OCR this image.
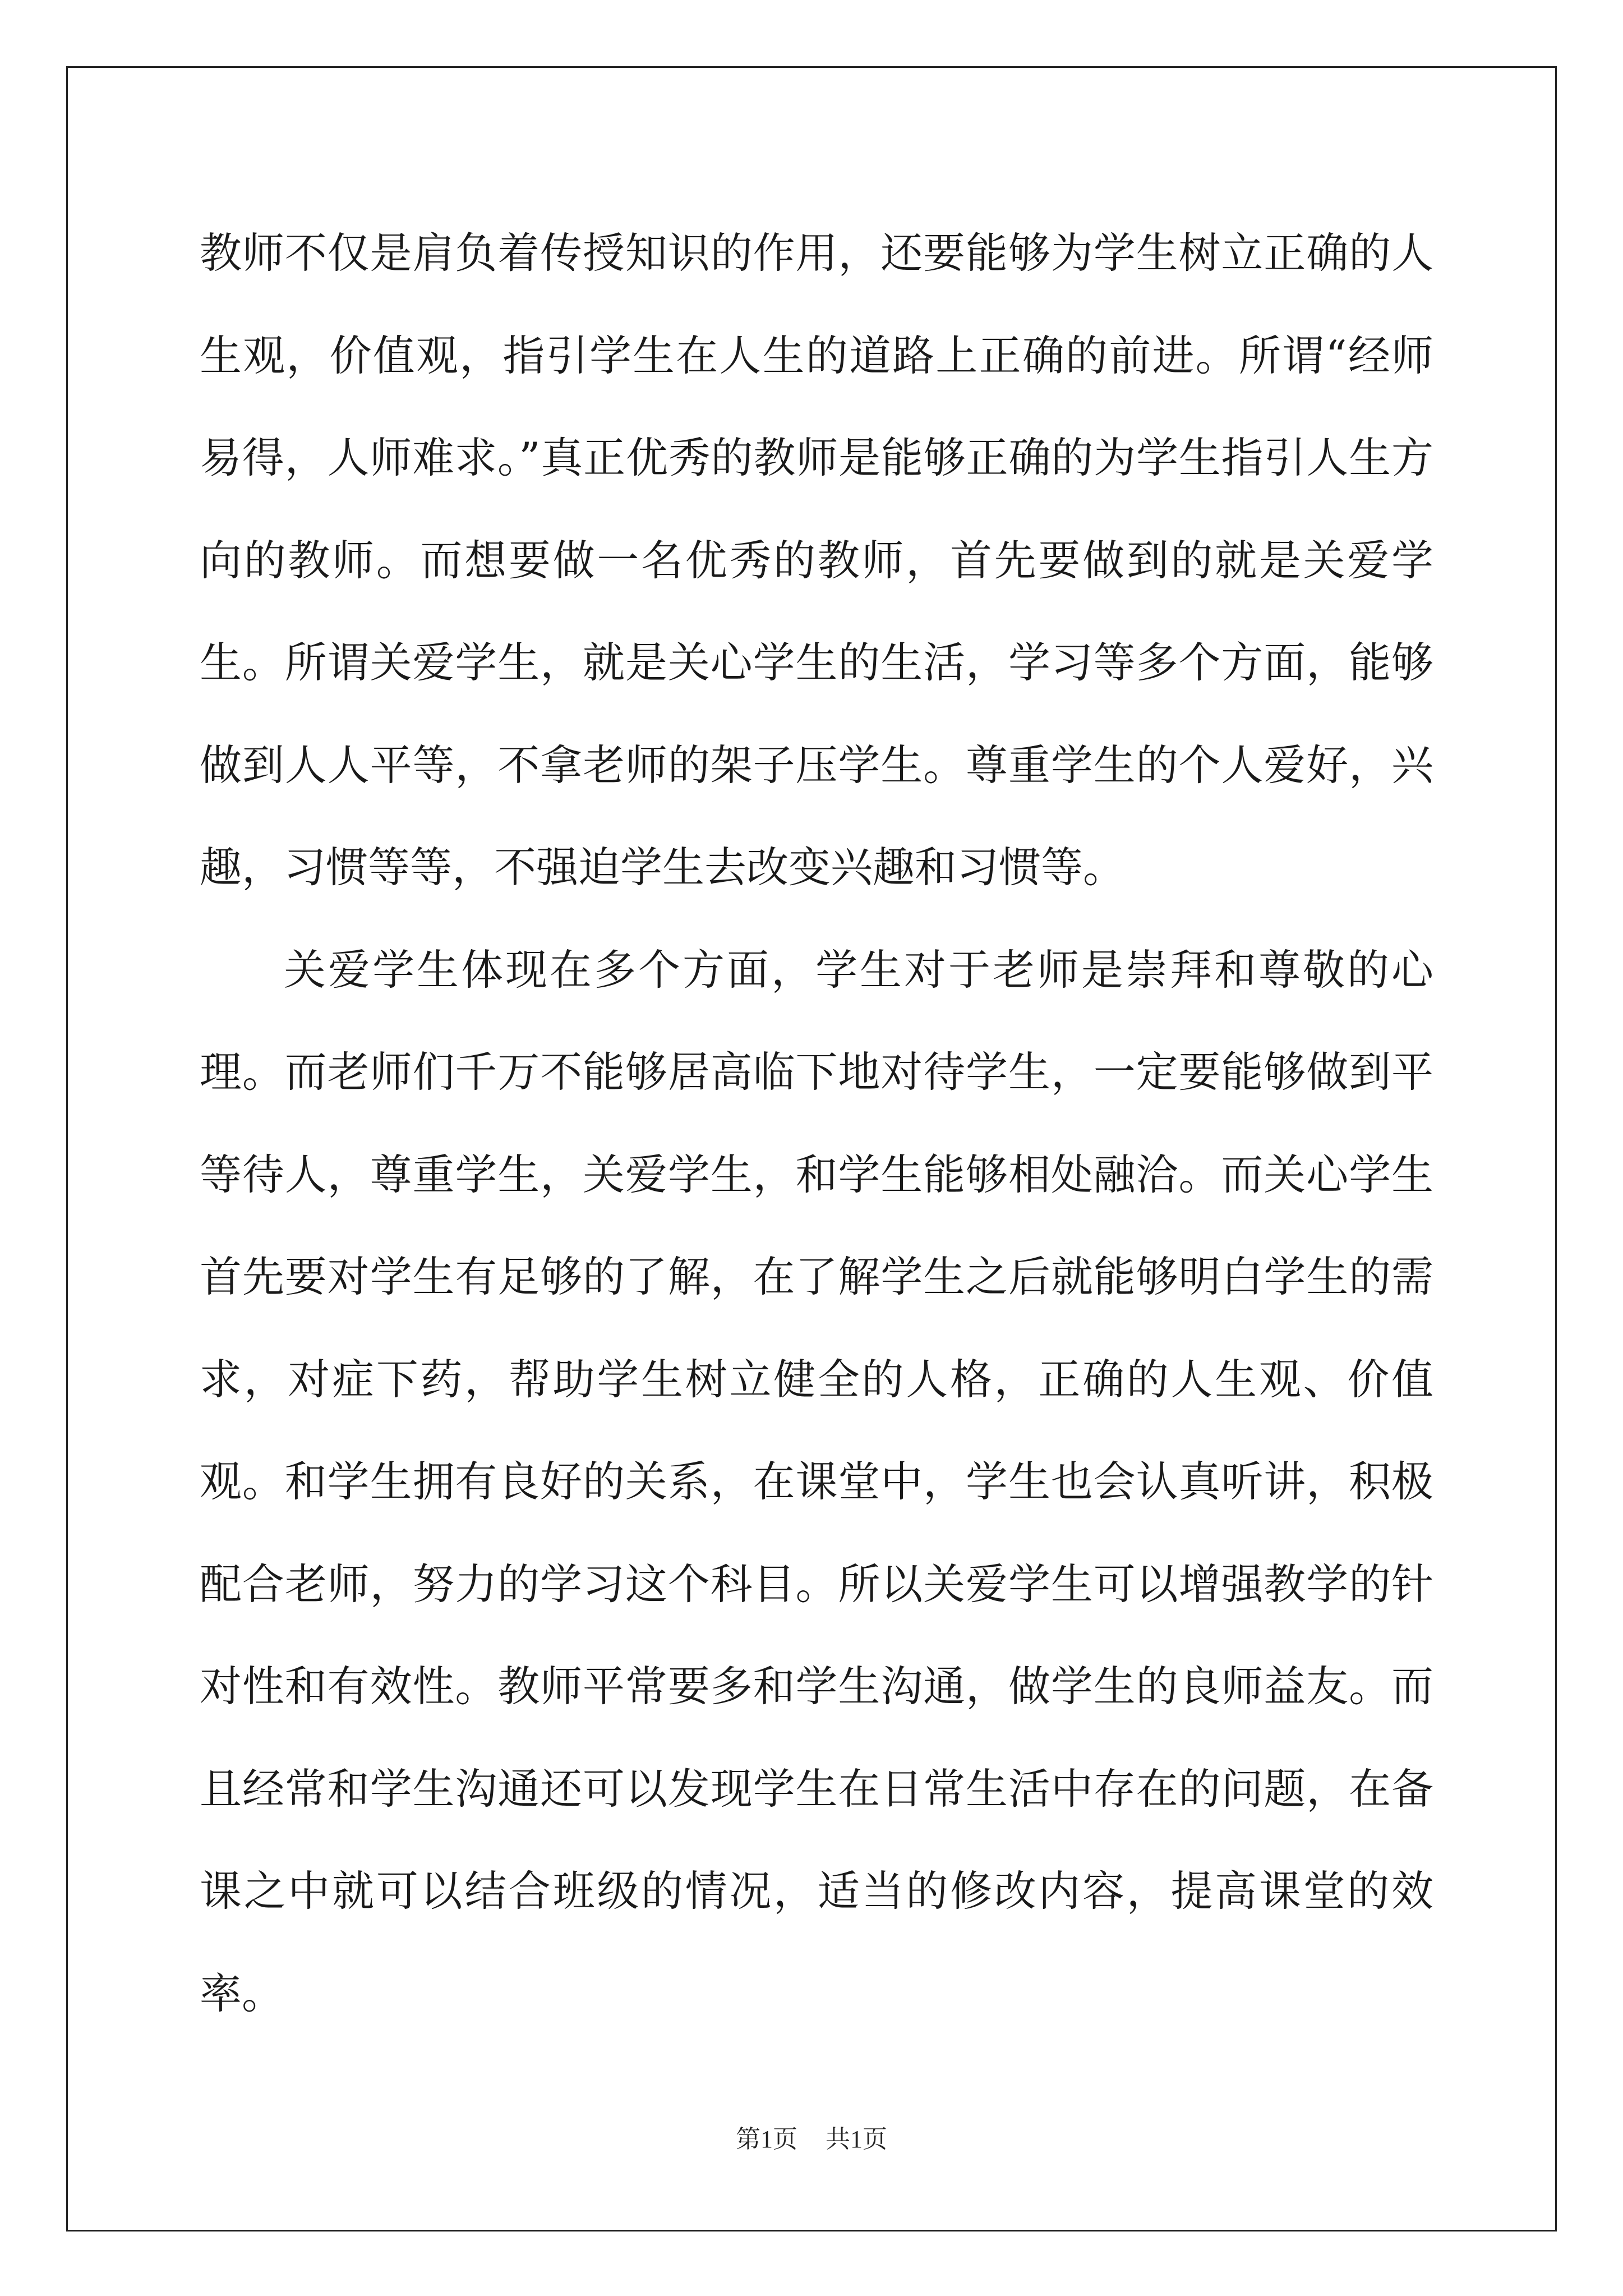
教师不仅是肩负着传授知识的作用，还要能够为学生树立正确的人生观，价值观，指引学生在人生的道路上正确的前进。所谓“经师易得，人师难求。”真正优秀的教师是能够正确的为学生指引人生方向的教师。而想要做一名优秀的教师，首先要做到的就是关爱学生。所谓关爱学生，就是关心学生的生活，学习等多个方面，能够做到人人平等，不拿老师的架子压学生。尊重学生的个人爱好，兴趣，习惯等等，不强迫学生去改变兴趣和习惯等。

关爱学生体现在多个方面，学生对于老师是崇拜和尊敬的心理。而老师们千万不能够居高临下地对待学生，一定要能够做到平等待人，尊重学生，关爱学生，和学生能够相处融洽。而关心学生首先要对学生有足够的了解，在了解学生之后就能够明白学生的需求，对症下药，帮助学生树立健全的人格，正确的人生观、价值观。和学生拥有良好的关系，在课堂中，学生也会认真听讲，积极配合老师，努力的学习这个科目。所以关爱学生可以增强教学的针对性和有效性。教师平常要多和学生沟通，做学生的良师益友。而且经常和学生沟通还可以发现学生在日常生活中存在的问题，在备课之中就可以结合班级的情况，适当的修改内容，提高课堂的效率。

第1页 共1页
